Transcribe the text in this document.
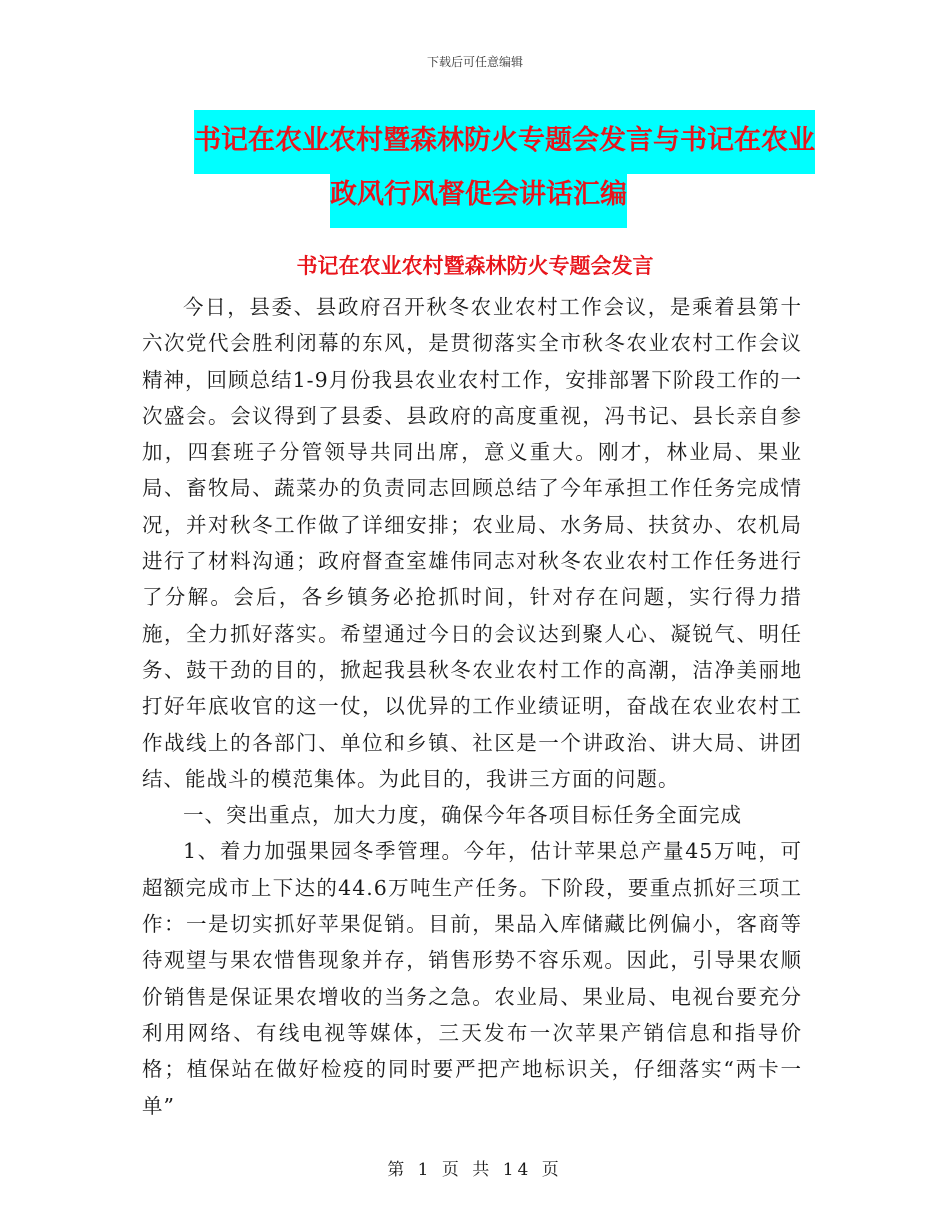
下载后可任意编辑
书记在农业农村暨森林防火专题会发言与书记在农业
政风行风督促会讲话汇编
书记在农业农村暨森林防火专题会发言

今日，县委、县政府召开秋冬农业农村工作会议，是乘着县第十六次党代会胜利闭幕的东风，是贯彻落实全市秋冬农业农村工作会议精神，回顾总结1-9月份我县农业农村工作，安排部署下阶段工作的一次盛会。会议得到了县委、县政府的高度重视，冯书记、县长亲自参加，四套班子分管领导共同出席，意义重大。刚才，林业局、果业局、畜牧局、蔬菜办的负责同志回顾总结了今年承担工作任务完成情况，并对秋冬工作做了详细安排；农业局、水务局、扶贫办、农机局进行了材料沟通；政府督查室雄伟同志对秋冬农业农村工作任务进行了分解。会后，各乡镇务必抢抓时间，针对存在问题，实行得力措施，全力抓好落实。希望通过今日的会议达到聚人心、凝锐气、明任务、鼓干劲的目的，掀起我县秋冬农业农村工作的高潮，洁净美丽地打好年底收官的这一仗，以优异的工作业绩证明，奋战在农业农村工作战线上的各部门、单位和乡镇、社区是一个讲政治、讲大局、讲团结、能战斗的模范集体。为此目的，我讲三方面的问题。

一、突出重点，加大力度，确保今年各项目标任务全面完成

1、着力加强果园冬季管理。今年，估计苹果总产量45万吨，可超额完成市上下达的44.6万吨生产任务。下阶段，要重点抓好三项工作：一是切实抓好苹果促销。目前，果品入库储藏比例偏小，客商等待观望与果农惜售现象并存，销售形势不容乐观。因此，引导果农顺价销售是保证果农增收的当务之急。农业局、果业局、电视台要充分利用网络、有线电视等媒体，三天发布一次苹果产销信息和指导价格；植保站在做好检疫的同时要严把产地标识关，仔细落实“两卡一单”

第 1 页 共 14 页
